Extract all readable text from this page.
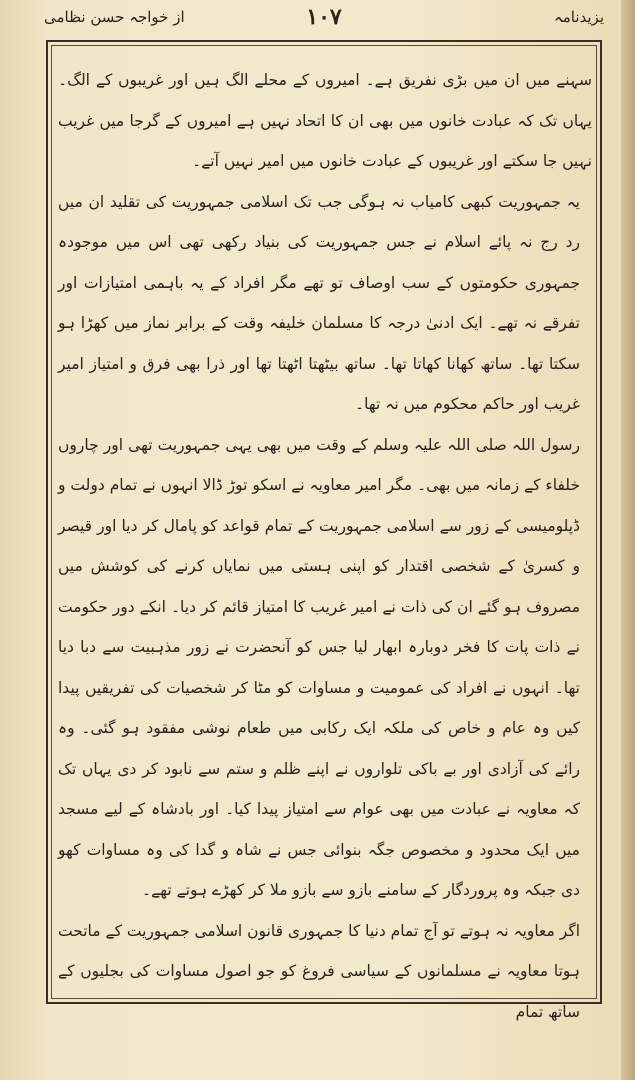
یزیدنامہ
۱۰۷
از خواجہ حسن نظامی

سہنے میں ان میں بڑی نفریق ہے۔ امیروں کے محلے الگ ہیں اور غریبوں کے الگ۔ یہاں تک کہ عبادت خانوں میں بھی ان کا اتحاد نہیں ہے امیروں کے گرجا میں غریب نہیں جا سکتے اور غریبوں کے عبادت خانوں میں امیر نہیں آتے۔

یہ جمہوریت کبھی کامیاب نہ ہوگی جب تک اسلامی جمہوریت کی تقلید ان میں رد رج نہ پائے اسلام نے جس جمہوریت کی بنیاد رکھی تھی اس میں موجودہ جمہوری حکومتوں کے سب اوصاف تو تھے مگر افراد کے یہ باہمی امتیازات اور تفرقے نہ تھے۔ ایک ادنیٰ درجہ کا مسلمان خلیفہ وقت کے برابر نماز میں کھڑا ہو سکتا تھا۔ ساتھ کھانا کھاتا تھا۔ ساتھ بیٹھتا اٹھتا تھا اور ذرا بھی فرق و امتیاز امیر غریب اور حاکم محکوم میں نہ تھا۔

رسول اللہ صلی اللہ علیہ وسلم کے وقت میں بھی یہی جمہوریت تھی اور چاروں خلفاء کے زمانہ میں بھی۔ مگر امیر معاویہ نے اسکو توڑ ڈالا انہوں نے تمام دولت و ڈپلومیسی کے زور سے اسلامی جمہوریت کے تمام قواعد کو پامال کر دیا اور قیصر و کسریٰ کے شخصی اقتدار کو اپنی ہستی میں نمایاں کرنے کی کوشش میں مصروف ہو گئے ان کی ذات نے امیر غریب کا امتیاز قائم کر دیا۔ انکے دور حکومت نے ذات پات کا فخر دوبارہ ابھار لیا جس کو آنحضرت نے زور مذہبیت سے دبا دیا تھا۔ انہوں نے افراد کی عمومیت و مساوات کو مٹا کر شخصیات کی تفریقیں پیدا کیں وہ عام و خاص کی ملکہ ایک رکابی میں طعام نوشی مفقود ہو گئی۔ وہ رائے کی آزادی اور بے باکی تلواروں نے اپنے ظلم و ستم سے نابود کر دی یہاں تک کہ معاویہ نے عبادت میں بھی عوام سے امتیاز پیدا کیا۔ اور بادشاہ کے لیے مسجد میں ایک محدود و مخصوص جگہ بنوائی جس نے شاہ و گدا کی وہ مساوات کھو دی جبکہ وہ پروردگار کے سامنے بازو سے بازو ملا کر کھڑے ہوتے تھے۔

اگر معاویہ نہ ہوتے تو آج تمام دنیا کا جمہوری قانون اسلامی جمہوریت کے ماتحت ہوتا معاویہ نے مسلمانوں کے سیاسی فروغ کو جو اصول مساوات کی بجلیوں کے ساتھ تمام
